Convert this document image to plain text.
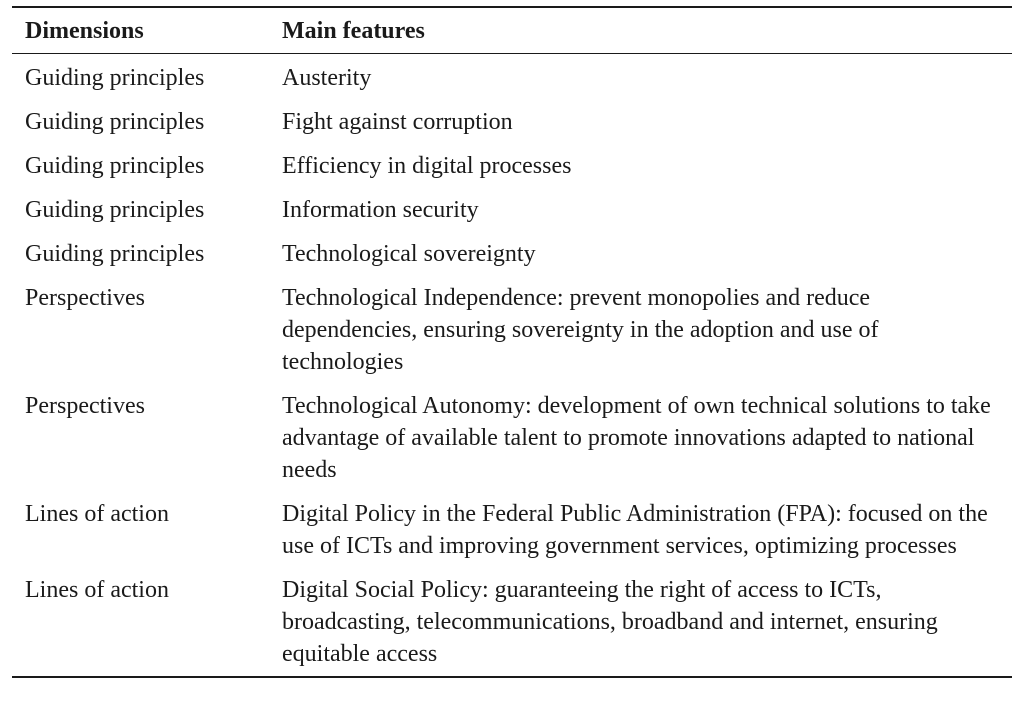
Dimensions	Main features
Guiding principles	Austerity
Guiding principles	Fight against corruption
Guiding principles	Efficiency in digital processes
Guiding principles	Information security
Guiding principles	Technological sovereignty
Perspectives	Technological Independence: prevent monopolies and reduce dependencies, ensuring sovereignty in the adoption and use of technologies
Perspectives	Technological Autonomy: development of own technical solutions to take advantage of available talent to promote innovations adapted to national needs
Lines of action	Digital Policy in the Federal Public Administration (FPA): focused on the use of ICTs and improving government services, optimizing processes
Lines of action	Digital Social Policy: guaranteeing the right of access to ICTs, broadcasting, telecommunications, broadband and internet, ensuring equitable access
